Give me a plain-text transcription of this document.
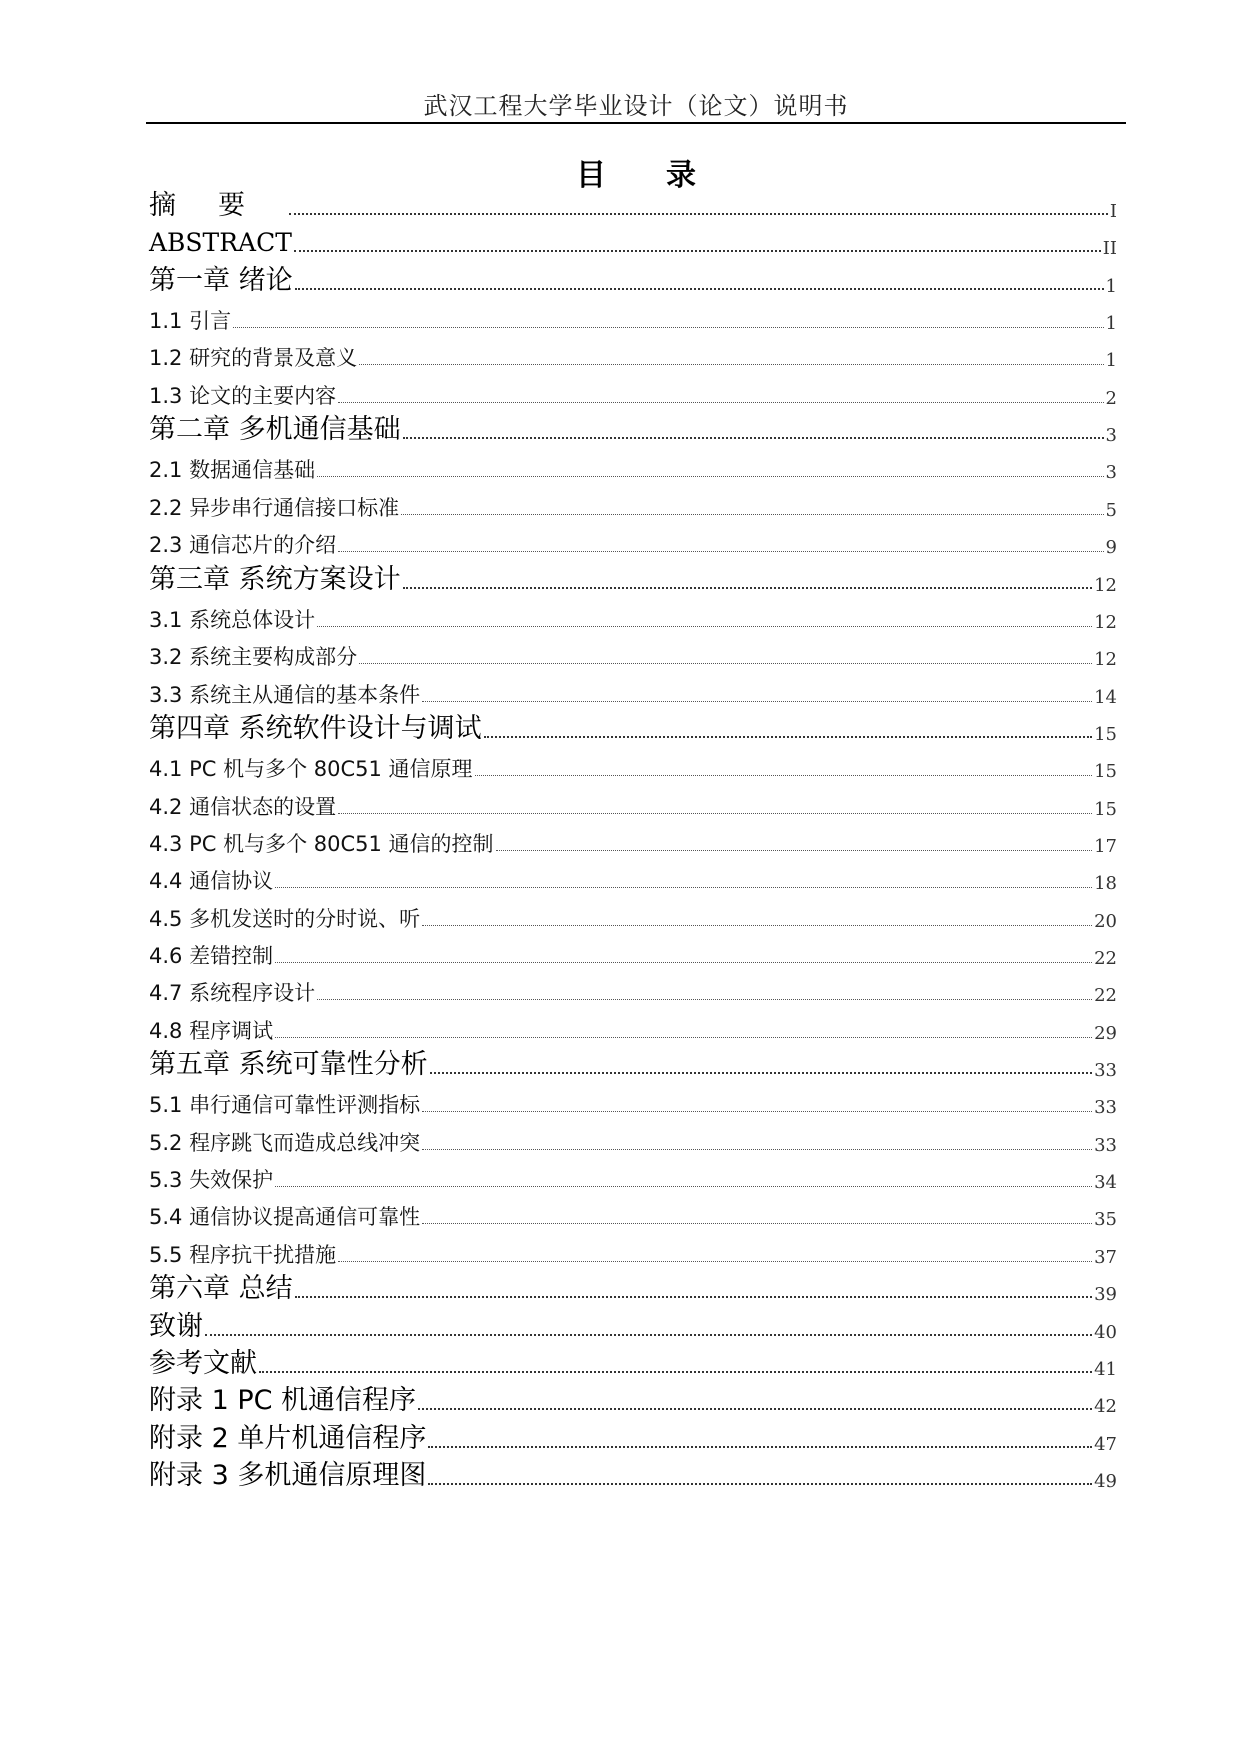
武汉工程大学毕业设计（论文）说明书
目录
摘要	I
ABSTRACT	II
第一章 绪论	1
1.1 引言	1
1.2 研究的背景及意义	1
1.3 论文的主要内容	2
第二章 多机通信基础	3
2.1 数据通信基础	3
2.2 异步串行通信接口标准	5
2.3 通信芯片的介绍	9
第三章 系统方案设计	12
3.1 系统总体设计	12
3.2 系统主要构成部分	12
3.3 系统主从通信的基本条件	14
第四章 系统软件设计与调试	15
4.1 PC 机与多个 80C51 通信原理	15
4.2 通信状态的设置	15
4.3 PC 机与多个 80C51 通信的控制	17
4.4 通信协议	18
4.5 多机发送时的分时说、听	20
4.6 差错控制	22
4.7 系统程序设计	22
4.8 程序调试	29
第五章 系统可靠性分析	33
5.1 串行通信可靠性评测指标	33
5.2 程序跳飞而造成总线冲突	33
5.3 失效保护	34
5.4 通信协议提高通信可靠性	35
5.5 程序抗干扰措施	37
第六章 总结	39
致谢	40
参考文献	41
附录 1 PC 机通信程序	42
附录 2 单片机通信程序	47
附录 3 多机通信原理图	49
